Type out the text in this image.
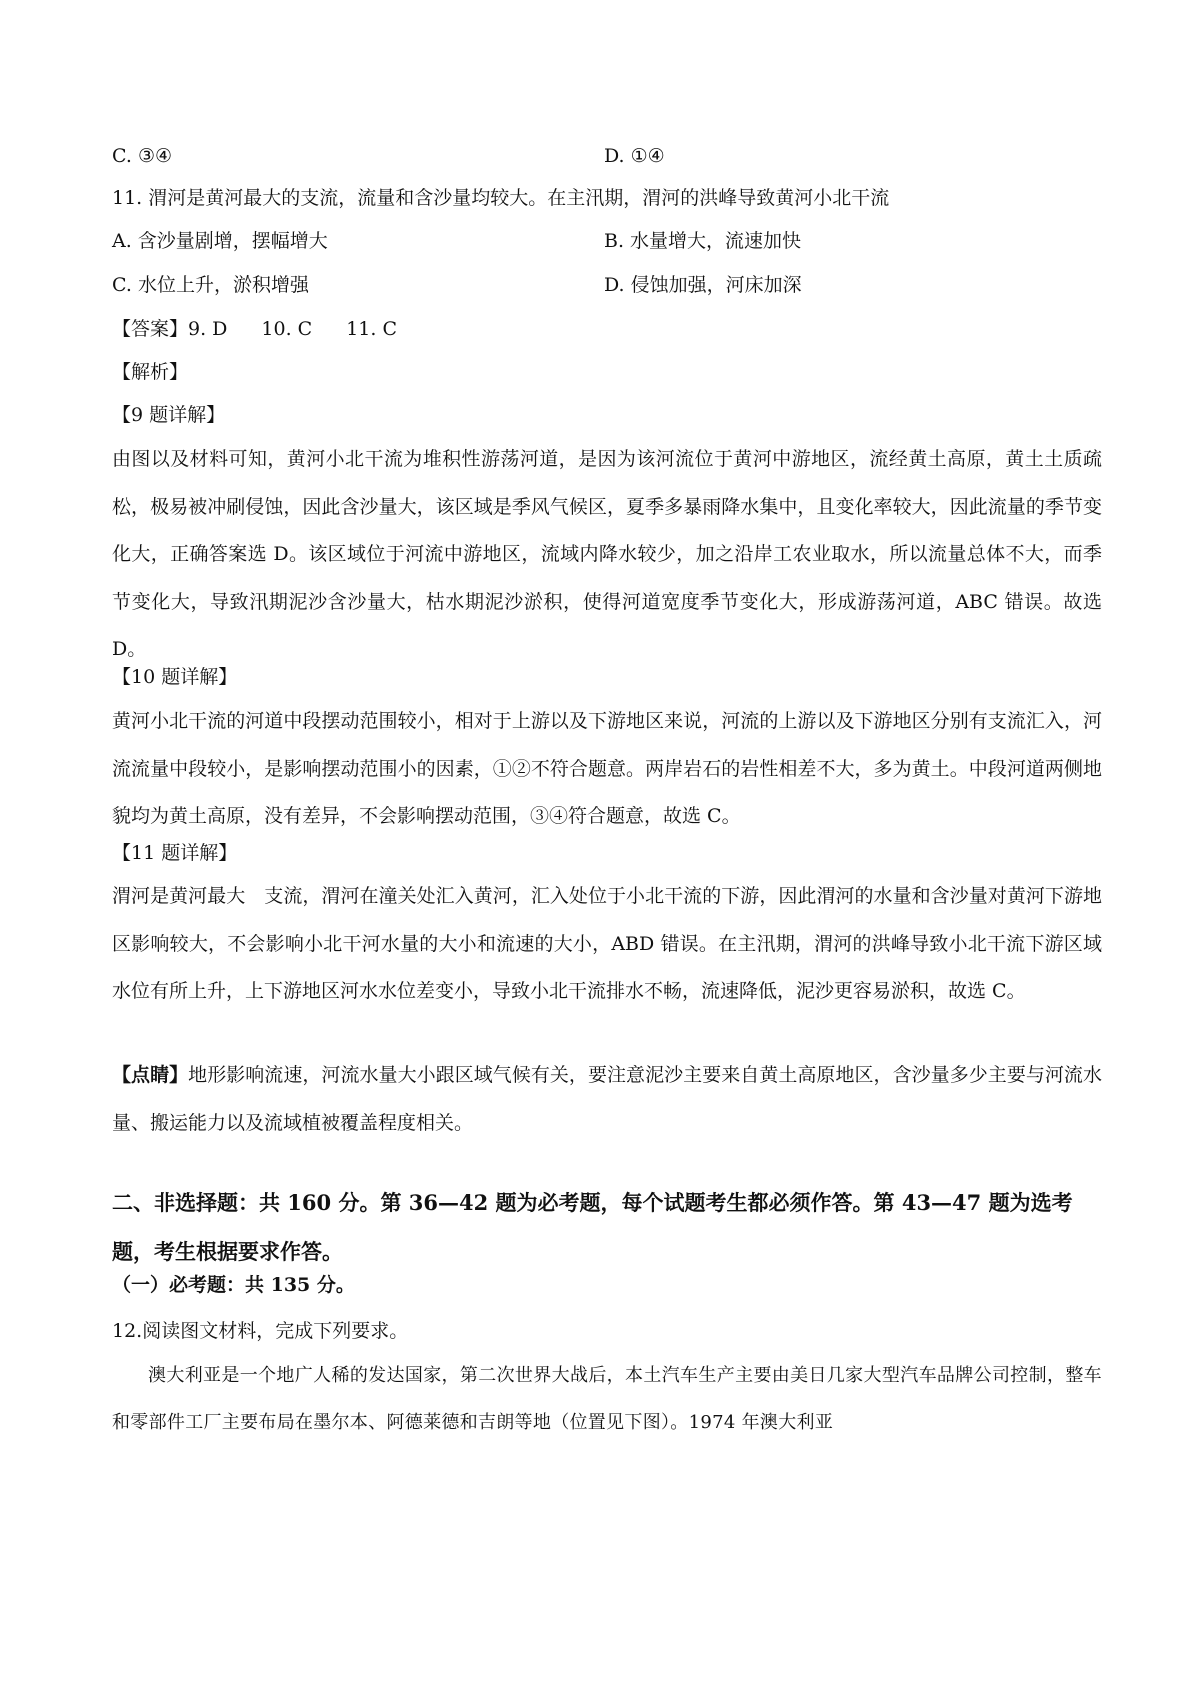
C. ③④	D. ①④
11. 渭河是黄河最大的支流，流量和含沙量均较大。在主汛期，渭河的洪峰导致黄河小北干流
A. 含沙量剧增，摆幅增大	B. 水量增大，流速加快
C. 水位上升，淤积增强	D. 侵蚀加强，河床加深
【答案】9. D 10. C 11. C
【解析】
【9 题详解】
由图以及材料可知，黄河小北干流为堆积性游荡河道，是因为该河流位于黄河中游地区，流经黄土高原，黄土土质疏松，极易被冲刷侵蚀，因此含沙量大，该区域是季风气候区，夏季多暴雨降水集中，且变化率较大，因此流量的季节变化大，正确答案选 D。该区域位于河流中游地区，流域内降水较少，加之沿岸工农业取水，所以流量总体不大，而季节变化大，导致汛期泥沙含沙量大，枯水期泥沙淤积，使得河道宽度季节变化大，形成游荡河道，ABC 错误。故选 D。
【10 题详解】
黄河小北干流的河道中段摆动范围较小，相对于上游以及下游地区来说，河流的上游以及下游地区分别有支流汇入，河流流量中段较小，是影响摆动范围小的因素，①②不符合题意。两岸岩石的岩性相差不大，多为黄土。中段河道两侧地貌均为黄土高原，没有差异，不会影响摆动范围，③④符合题意，故选 C。
【11 题详解】
渭河是黄河最大　支流，渭河在潼关处汇入黄河，汇入处位于小北干流的下游，因此渭河的水量和含沙量对黄河下游地区影响较大，不会影响小北干河水量的大小和流速的大小，ABD 错误。在主汛期，渭河的洪峰导致小北干流下游区域水位有所上升，上下游地区河水水位差变小，导致小北干流排水不畅，流速降低，泥沙更容易淤积，故选 C。
【点睛】地形影响流速，河流水量大小跟区域气候有关，要注意泥沙主要来自黄土高原地区，含沙量多少主要与河流水量、搬运能力以及流域植被覆盖程度相关。
二、非选择题：共 160 分。第 36—42 题为必考题，每个试题考生都必须作答。第 43—47 题为选考题，考生根据要求作答。
（一）必考题：共 135 分。
12.阅读图文材料，完成下列要求。
澳大利亚是一个地广人稀的发达国家，第二次世界大战后，本土汽车生产主要由美日几家大型汽车品牌公司控制，整车和零部件工厂主要布局在墨尔本、阿德莱德和吉朗等地（位置见下图）。1974 年澳大利亚
